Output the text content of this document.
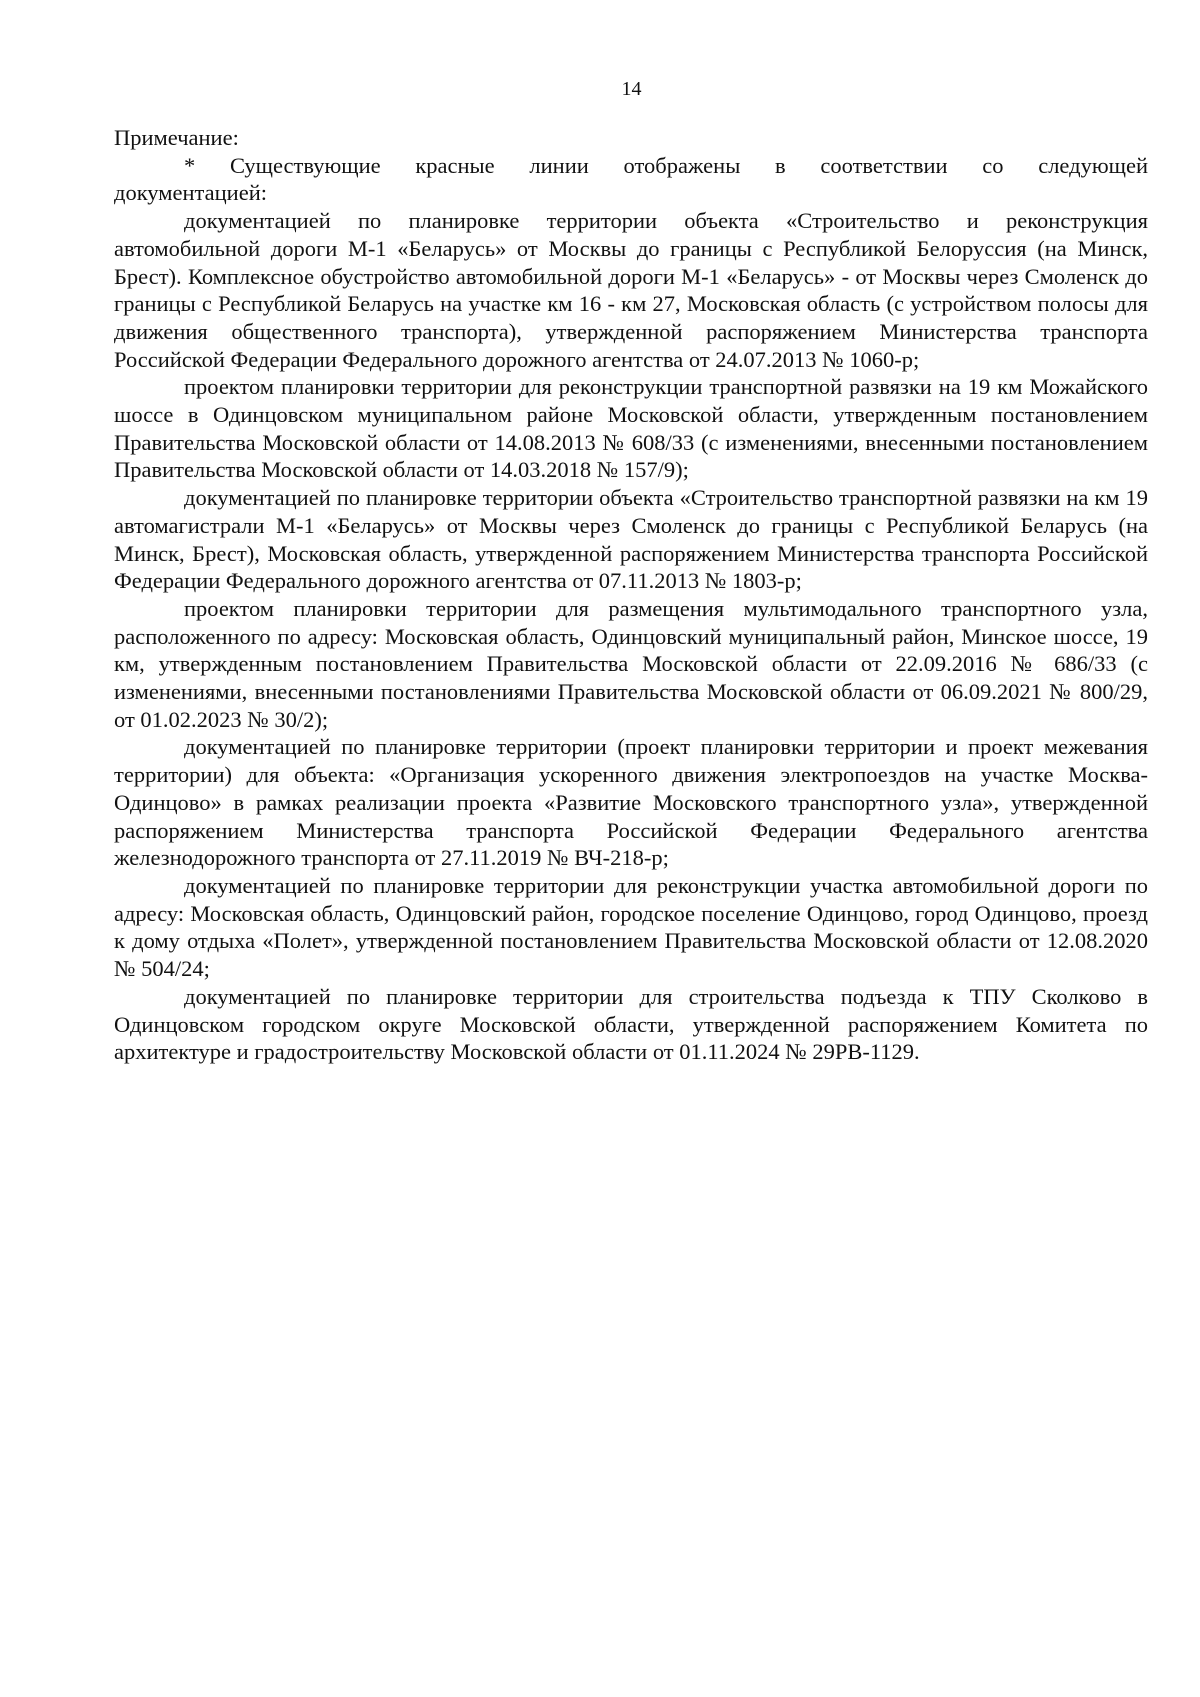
14

Примечание:

* Существующие красные линии отображены в соответствии со следующей документацией:

документацией по планировке территории объекта «Строительство и реконструкция автомобильной дороги М-1 «Беларусь» от Москвы до границы с Республикой Белоруссия (на Минск, Брест). Комплексное обустройство автомобильной дороги М-1 «Беларусь» - от Москвы через Смоленск до границы с Республикой Беларусь на участке км 16 - км 27, Московская область (с устройством полосы для движения общественного транспорта), утвержденной распоряжением Министерства транспорта Российской Федерации Федерального дорожного агентства от 24.07.2013 № 1060-р;

проектом планировки территории для реконструкции транспортной развязки на 19 км Можайского шоссе в Одинцовском муниципальном районе Московской области, утвержденным постановлением Правительства Московской области от 14.08.2013 № 608/33 (с изменениями, внесенными постановлением Правительства Московской области от 14.03.2018 № 157/9);

документацией по планировке территории объекта «Строительство транспортной развязки на км 19 автомагистрали М-1 «Беларусь» от Москвы через Смоленск до границы с Республикой Беларусь (на Минск, Брест), Московская область, утвержденной распоряжением Министерства транспорта Российской Федерации Федерального дорожного агентства от 07.11.2013 № 1803-р;

проектом планировки территории для размещения мультимодального транспортного узла, расположенного по адресу: Московская область, Одинцовский муниципальный район, Минское шоссе, 19 км, утвержденным постановлением Правительства Московской области от 22.09.2016 № 686/33 (с изменениями, внесенными постановлениями Правительства Московской области от 06.09.2021 № 800/29, от 01.02.2023 № 30/2);

документацией по планировке территории (проект планировки территории и проект межевания территории) для объекта: «Организация ускоренного движения электропоездов на участке Москва-Одинцово» в рамках реализации проекта «Развитие Московского транспортного узла», утвержденной распоряжением Министерства транспорта Российской Федерации Федерального агентства железнодорожного транспорта от 27.11.2019 № ВЧ-218-р;

документацией по планировке территории для реконструкции участка автомобильной дороги по адресу: Московская область, Одинцовский район, городское поселение Одинцово, город Одинцово, проезд к дому отдыха «Полет», утвержденной постановлением Правительства Московской области от 12.08.2020 № 504/24;

документацией по планировке территории для строительства подъезда к ТПУ Сколково в Одинцовском городском округе Московской области, утвержденной распоряжением Комитета по архитектуре и градостроительству Московской области от 01.11.2024 № 29РВ-1129.
